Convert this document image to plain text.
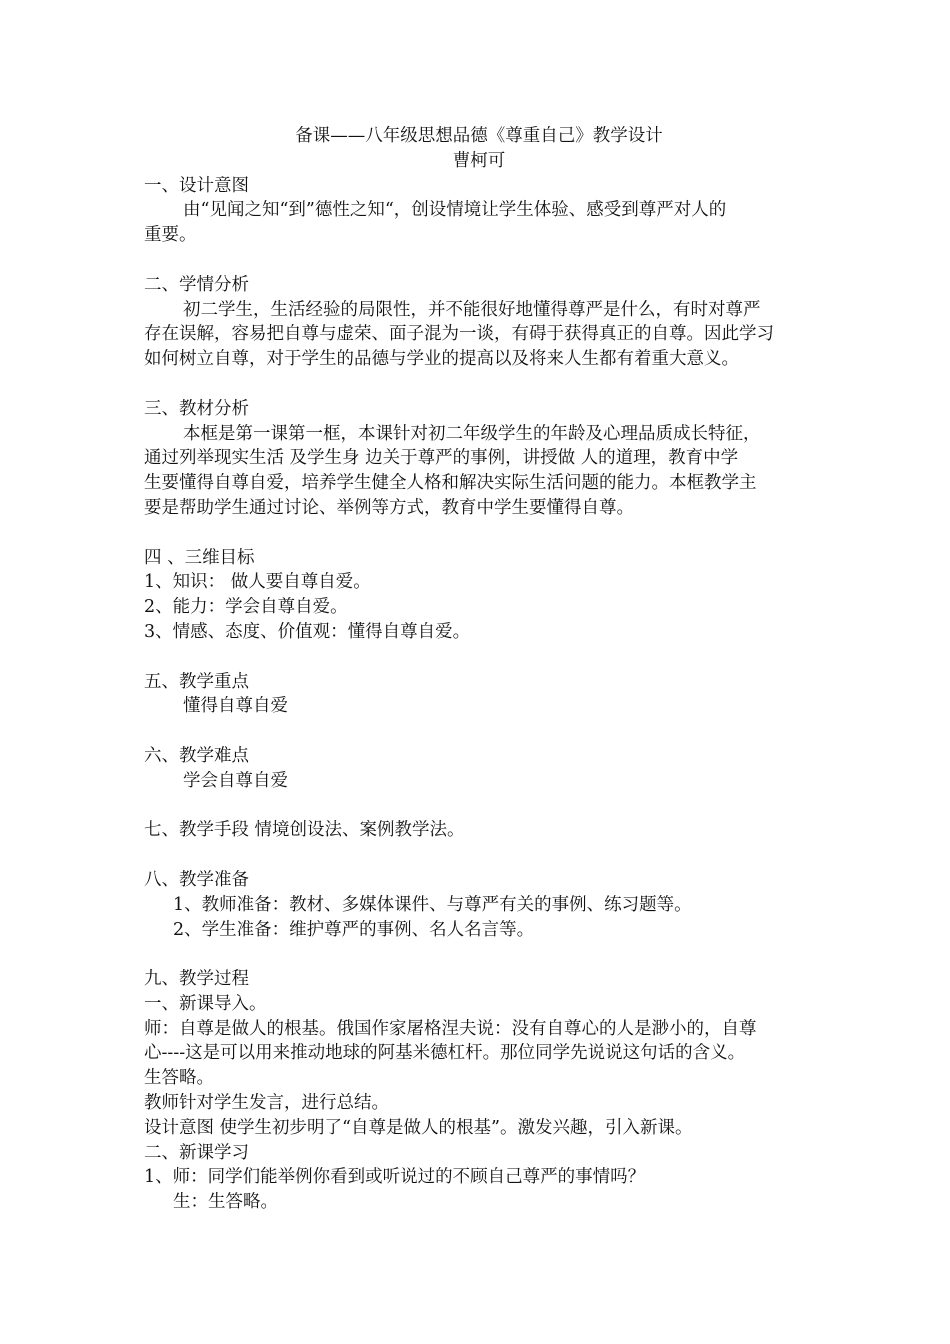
备课——八年级思想品德《尊重自己》教学设计
曹柯可
一、设计意图
由“见闻之知“到”德性之知“，创设情境让学生体验、感受到尊严对人的
重要。
二、学情分析
初二学生，生活经验的局限性，并不能很好地懂得尊严是什么，有时对尊严
存在误解，容易把自尊与虚荣、面子混为一谈，有碍于获得真正的自尊。因此学习
如何树立自尊，对于学生的品德与学业的提高以及将来人生都有着重大意义。
三、教材分析
本框是第一课第一框，本课针对初二年级学生的年龄及心理品质成长特征，
通过列举现实生活 及学生身 边关于尊严的事例，讲授做 人的道理，教育中学
生要懂得自尊自爱，培养学生健全人格和解决实际生活问题的能力。本框教学主
要是帮助学生通过讨论、举例等方式，教育中学生要懂得自尊。
四 、三维目标
1、知识： 做人要自尊自爱。
2、能力：学会自尊自爱。
3、情感、态度、价值观：懂得自尊自爱。
五、教学重点
懂得自尊自爱
六、教学难点
学会自尊自爱
七、教学手段 情境创设法、案例教学法。
八、教学准备
1、教师准备：教材、多媒体课件、与尊严有关的事例、练习题等。
2、学生准备：维护尊严的事例、名人名言等。
九、教学过程
一、新课导入。
师：自尊是做人的根基。俄国作家屠格涅夫说：没有自尊心的人是渺小的，自尊
心----这是可以用来推动地球的阿基米德杠杆。那位同学先说说这句话的含义。
生答略。
教师针对学生发言，进行总结。
设计意图 使学生初步明了“自尊是做人的根基”。激发兴趣，引入新课。
二、新课学习
1、师：同学们能举例你看到或听说过的不顾自己尊严的事情吗？
生：生答略。
